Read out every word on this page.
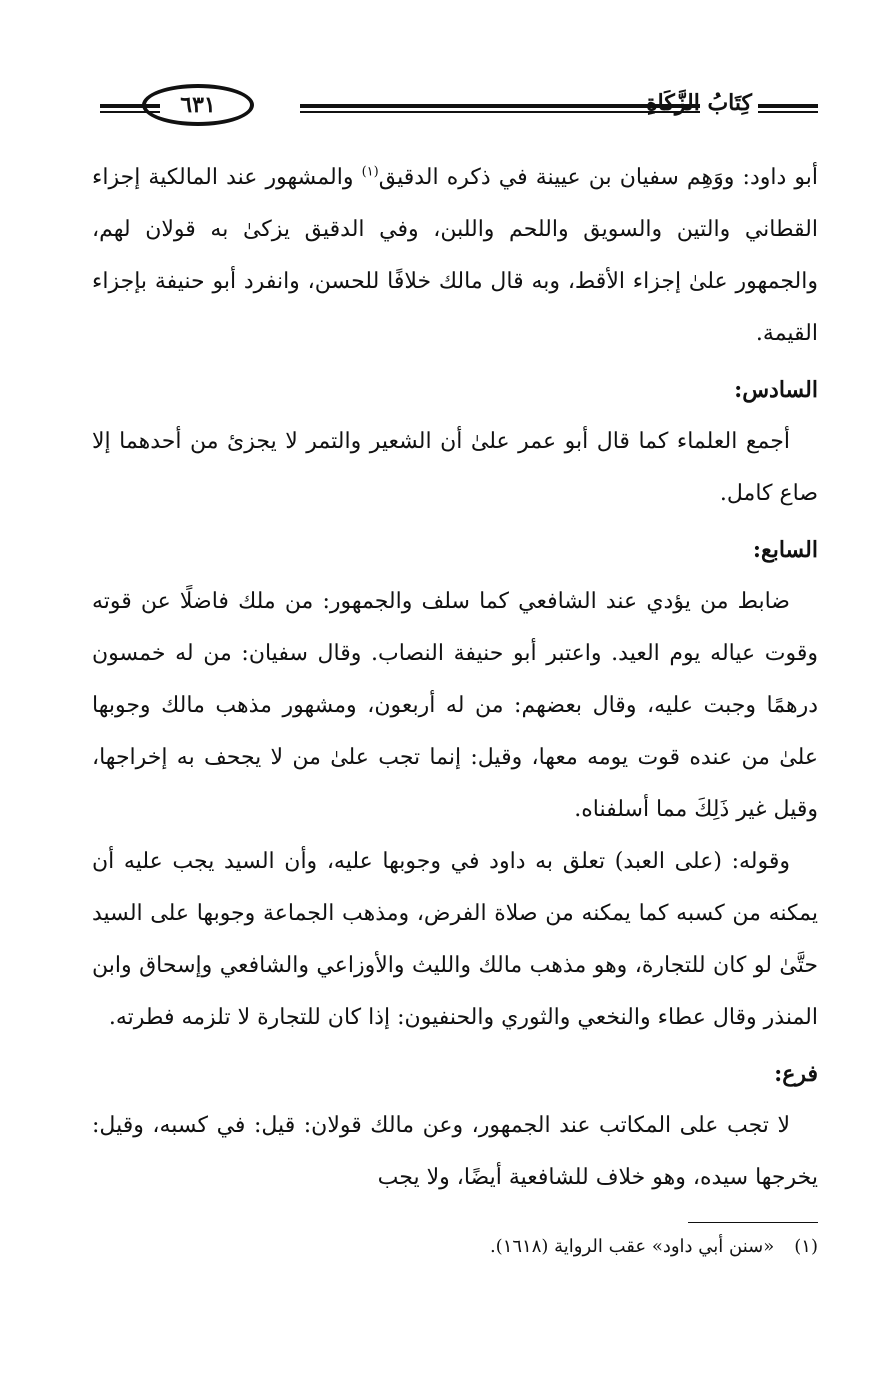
٦٣١	كِتَابُ الزَّكَاةِ

أبو داود: ووَهِم سفيان بن عيينة في ذكره الدقيق$^{(١)}$ والمشهور عند المالكية إجزاء القطاني والتين والسويق واللحم واللبن، وفي الدقيق يزكىٰ به قولان لهم، والجمهور علىٰ إجزاء الأقط، وبه قال مالك خلافًا للحسن، وانفرد أبو حنيفة بإجزاء القيمة.

السادس:

أجمع العلماء كما قال أبو عمر علىٰ أن الشعير والتمر لا يجزئ من أحدهما إلا صاع كامل.

السابع:

ضابط من يؤدي عند الشافعي كما سلف والجمهور: من ملك فاضلًا عن قوته وقوت عياله يوم العيد. واعتبر أبو حنيفة النصاب. وقال سفيان: من له خمسون درهمًا وجبت عليه، وقال بعضهم: من له أربعون، ومشهور مذهب مالك وجوبها علىٰ من عنده قوت يومه معها، وقيل: إنما تجب علىٰ من لا يجحف به إخراجها، وقيل غير ذَلِكَ مما أسلفناه.

وقوله: (على العبد) تعلق به داود في وجوبها عليه، وأن السيد يجب عليه أن يمكنه من كسبه كما يمكنه من صلاة الفرض، ومذهب الجماعة وجوبها على السيد حتَّىٰ لو كان للتجارة، وهو مذهب مالك والليث والأوزاعي والشافعي وإسحاق وابن المنذر وقال عطاء والنخعي والثوري والحنفيون: إذا كان للتجارة لا تلزمه فطرته.

فرع:

لا تجب على المكاتب عند الجمهور، وعن مالك قولان: قيل: في كسبه، وقيل: يخرجها سيده، وهو خلاف للشافعية أيضًا، ولا يجب

(١)«سنن أبي داود» عقب الرواية (١٦١٨).
